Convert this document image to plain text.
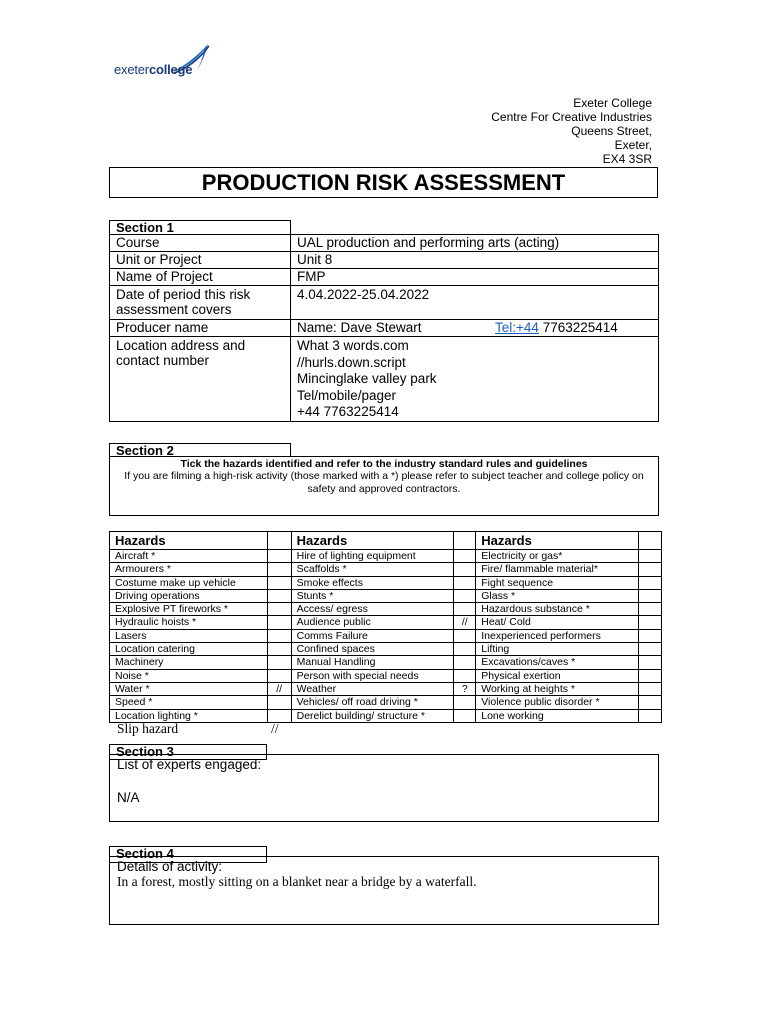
exetercollege
Exeter College
Centre For Creative Industries
Queens Street,
Exeter,
EX4 3SR
PRODUCTION RISK ASSESSMENT
Section 1
Course	UAL production and performing arts (acting)
Unit or Project	Unit 8
Name of Project	FMP
Date of period this risk assessment covers	4.04.2022-25.04.2022
Producer name	Name: Dave Stewart Tel:+44 7763225414
Location address and contact number	What 3 words.com
//hurls.down.script
Mincinglake valley park
Tel/mobile/pager
+44 7763225414
Section 2
Tick the hazards identified and refer to the industry standard rules and guidelines
If you are filming a high-risk activity (those marked with a *) please refer to subject teacher and college policy on safety and approved contractors.
Hazards		Hazards		Hazards	
Aircraft *		Hire of lighting equipment		Electricity or gas*	
Armourers *		Scaffolds *		Fire/ flammable material*	
Costume make up vehicle		Smoke effects		Fight sequence	
Driving operations		Stunts *		Glass *	
Explosive PT fireworks *		Access/ egress		Hazardous substance *	
Hydraulic hoists *		Audience public	//	Heat/ Cold	
Lasers		Comms Failure		Inexperienced performers	
Location catering		Confined spaces		Lifting	
Machinery		Manual Handling		Excavations/caves *	
Noise *		Person with special needs		Physical exertion	
Water *	//	Weather	?	Working at heights *	
Speed *		Vehicles/ off road driving *		Violence public disorder *	
Location lighting *		Derelict building/ structure *		Lone working	
Slip hazard	//
List of experts engaged:
N/A
Section 3
Details of activity:
In a forest, mostly sitting on a blanket near a bridge by a waterfall.
Section 4
